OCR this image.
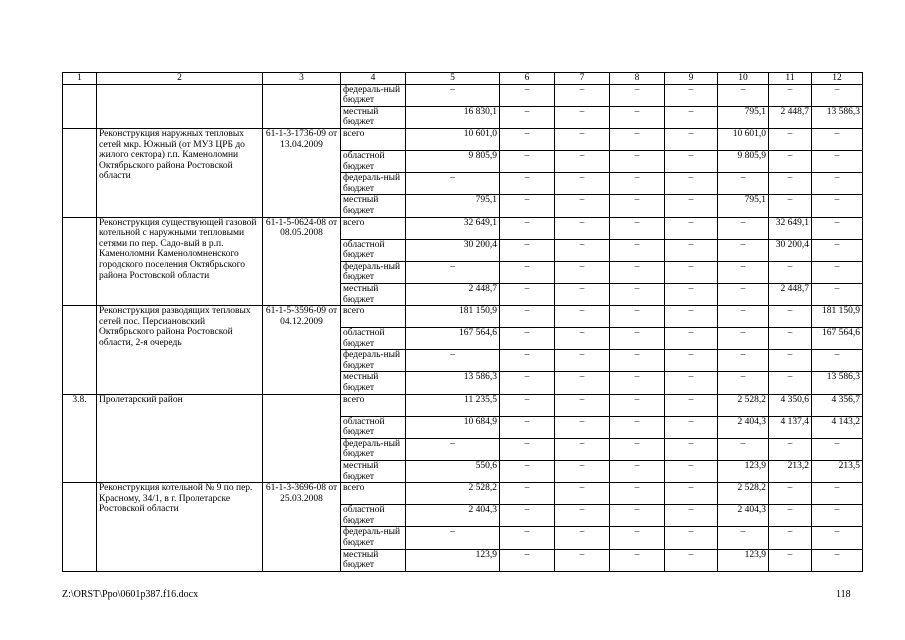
1	2	3	4	5	6	7	8	9	10	11	12
			федераль-ный бюджет	–	–	–	–	–	–	–	–
			местный бюджет	16 830,1	–	–	–	–	795,1	2 448,7	13 586,3
	Реконструкция наружных тепловых сетей мкр. Южный (от МУЗ ЦРБ до жилого сектора) г.п. Каменоломни Октябрьского района Ростовской области	61-1-3-1736-09 от 13.04.2009	всего	10 601,0	–	–	–	–	10 601,0	–	–
			областной бюджет	9 805,9	–	–	–	–	9 805,9	–	–
			федераль-ный бюджет	–	–	–	–	–	–	–	–
			местный бюджет	795,1	–	–	–	–	795,1	–	–
	Реконструкция существующей газовой котельной с наружными тепловыми сетями по пер. Садо-вый в р.п. Каменоломни Каменоломненского городского поселения Октябрьского района Ростовской области	61-1-5-0624-08 от 08.05.2008	всего	32 649,1	–	–	–	–	–	32 649,1	–
			областной бюджет	30 200,4	–	–	–	–	–	30 200,4	–
			федераль-ный бюджет	–	–	–	–	–	–	–	–
			местный бюджет	2 448,7	–	–	–	–	–	2 448,7	–
	Реконструкция разводящих тепловых сетей пос. Персиановский Октябрьского района Ростовской области, 2-я очередь	61-1-5-3596-09 от 04.12.2009	всего	181 150,9	–	–	–	–	–	–	181 150,9
			областной бюджет	167 564,6	–	–	–	–	–	–	167 564,6
			федераль-ный бюджет	–	–	–	–	–	–	–	–
			местный бюджет	13 586,3	–	–	–	–	–	–	13 586,3
3.8.	Пролетарский район		всего	11 235,5	–	–	–	–	2 528,2	4 350,6	4 356,7
			областной бюджет	10 684,9	–	–	–	–	2 404,3	4 137,4	4 143,2
			федераль-ный бюджет	–	–	–	–	–	–	–	–
			местный бюджет	550,6	–	–	–	–	123,9	213,2	213,5
	Реконструкция котельной № 9 по пер. Красному, 34/1, в г. Пролетарске Ростовской области	61-1-3-3696-08 от 25.03.2008	всего	2 528,2	–	–	–	–	2 528,2	–	–
			областной бюджет	2 404,3	–	–	–	–	2 404,3	–	–
			федераль-ный бюджет	–	–	–	–	–	–	–	–
			местный бюджет	123,9	–	–	–	–	123,9	–	–
Z:\ORST\Ppo\0601p387.f16.docx	118
